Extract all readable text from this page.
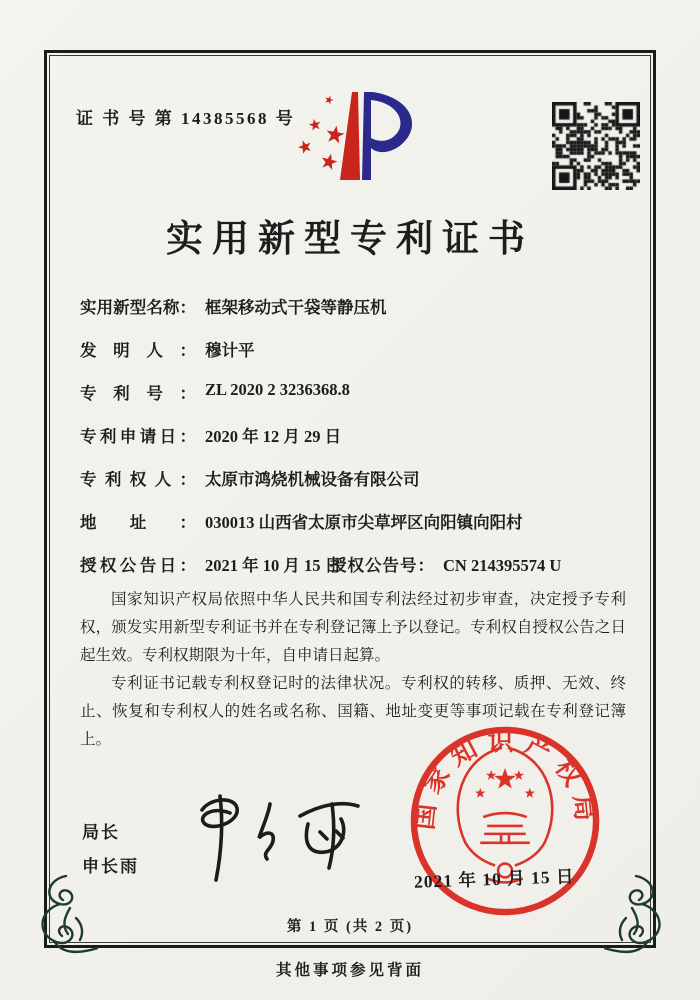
证 书 号 第 14385568 号
实用新型专利证书
实用新型名称： 框架移动式干袋等静压机
发明人： 穆计平
专利号： ZL 2020 2 3236368.8
专利申请日： 2020 年 12 月 29 日
专利权人： 太原市鸿烧机械设备有限公司
地址： 030013 山西省太原市尖草坪区向阳镇向阳村
授权公告日： 2021 年 10 月 15 日
授权公告号： CN 214395574 U

国家知识产权局依照中华人民共和国专利法经过初步审查，决定授予专利权，颁发实用新型专利证书并在专利登记簿上予以登记。专利权自授权公告之日起生效。专利权期限为十年，自申请日起算。

专利证书记载专利权登记时的法律状况。专利权的转移、质押、无效、终止、恢复和专利权人的姓名或名称、国籍、地址变更等事项记载在专利登记簿上。

局长
申长雨
国家知识产权局
2021 年 10 月 15 日
第 1 页 (共 2 页)
其他事项参见背面
